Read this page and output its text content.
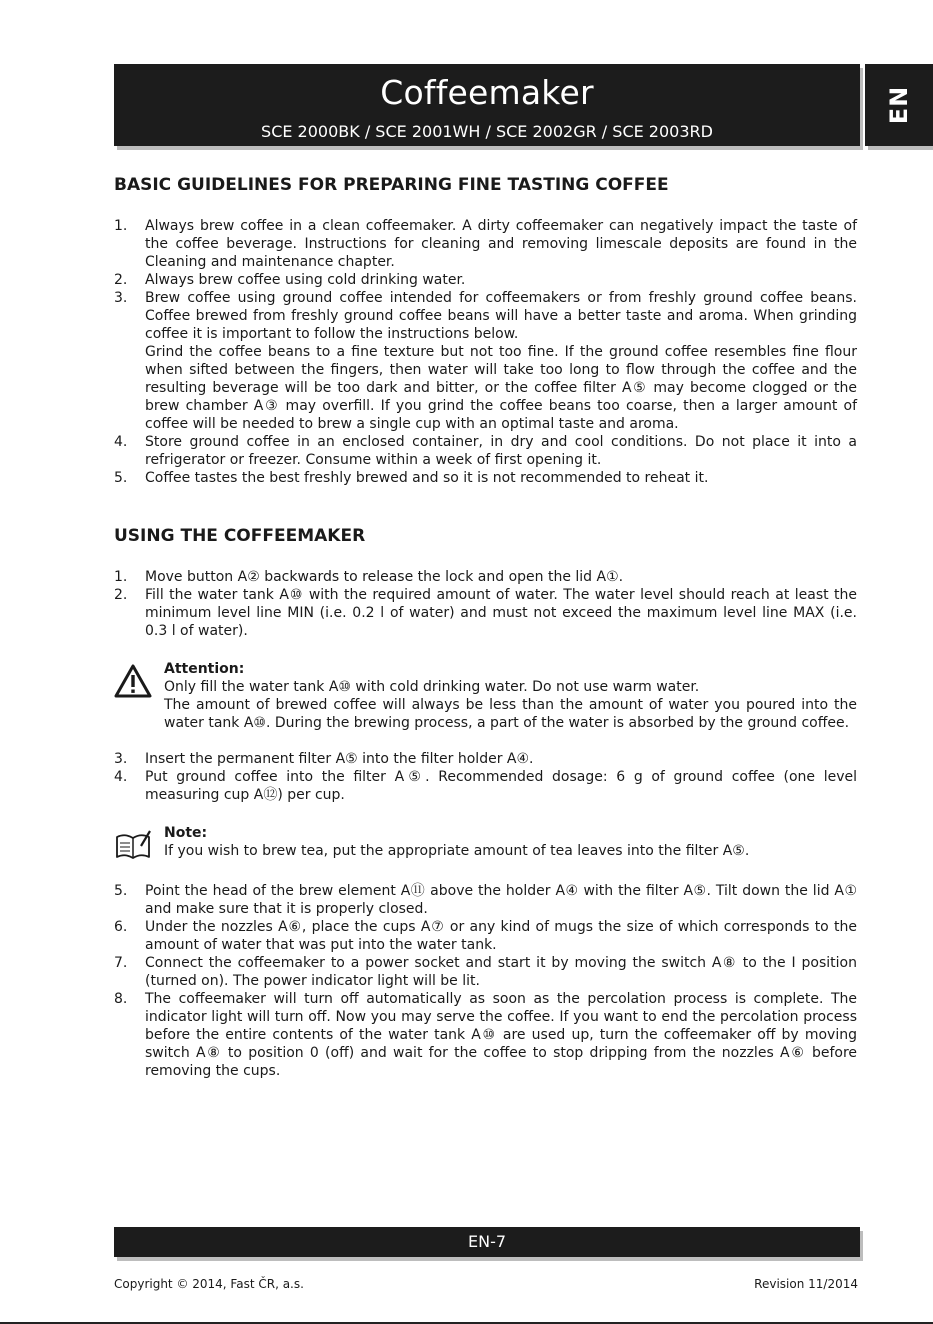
Coffeemaker
SCE 2000BK / SCE 2001WH / SCE 2002GR / SCE 2003RD
EN
BASIC GUIDELINES FOR PREPARING FINE TASTING COFFEE
1. Always brew coffee in a clean coffeemaker. A dirty coffeemaker can negatively impact the taste of the coffee beverage. Instructions for cleaning and removing limescale deposits are found in the Cleaning and maintenance chapter.
2. Always brew coffee using cold drinking water.
3. Brew coffee using ground coffee intended for coffeemakers or from freshly ground coffee beans. Coffee brewed from freshly ground coffee beans will have a better taste and aroma. When grinding coffee it is important to follow the instructions below.
Grind the coffee beans to a fine texture but not too fine. If the ground coffee resembles fine flour when sifted between the fingers, then water will take too long to flow through the coffee and the resulting beverage will be too dark and bitter, or the coffee filter A⑤ may become clogged or the brew chamber A③ may overfill. If you grind the coffee beans too coarse, then a larger amount of coffee will be needed to brew a single cup with an optimal taste and aroma.
4. Store ground coffee in an enclosed container, in dry and cool conditions. Do not place it into a refrigerator or freezer. Consume within a week of first opening it.
5. Coffee tastes the best freshly brewed and so it is not recommended to reheat it.
USING THE COFFEEMAKER
1. Move button A② backwards to release the lock and open the lid A①.
2. Fill the water tank A⑩ with the required amount of water. The water level should reach at least the minimum level line MIN (i.e. 0.2 l of water) and must not exceed the maximum level line MAX (i.e. 0.3 l of water).
Attention:
Only fill the water tank A⑩ with cold drinking water. Do not use warm water.
The amount of brewed coffee will always be less than the amount of water you poured into the water tank A⑩. During the brewing process, a part of the water is absorbed by the ground coffee.
3. Insert the permanent filter A⑤ into the filter holder A④.
4. Put ground coffee into the filter A⑤. Recommended dosage: 6 g of ground coffee (one level measuring cup A⑫) per cup.
Note:
If you wish to brew tea, put the appropriate amount of tea leaves into the filter A⑤.
5. Point the head of the brew element A⑪ above the holder A④ with the filter A⑤. Tilt down the lid A① and make sure that it is properly closed.
6. Under the nozzles A⑥, place the cups A⑦ or any kind of mugs the size of which corresponds to the amount of water that was put into the water tank.
7. Connect the coffeemaker to a power socket and start it by moving the switch A⑧ to the I position (turned on). The power indicator light will be lit.
8. The coffeemaker will turn off automatically as soon as the percolation process is complete. The indicator light will turn off. Now you may serve the coffee. If you want to end the percolation process before the entire contents of the water tank A⑩ are used up, turn the coffeemaker off by moving switch A⑧ to position 0 (off) and wait for the coffee to stop dripping from the nozzles A⑥ before removing the cups.
EN-7
Copyright © 2014, Fast ČR, a.s.	Revision 11/2014
